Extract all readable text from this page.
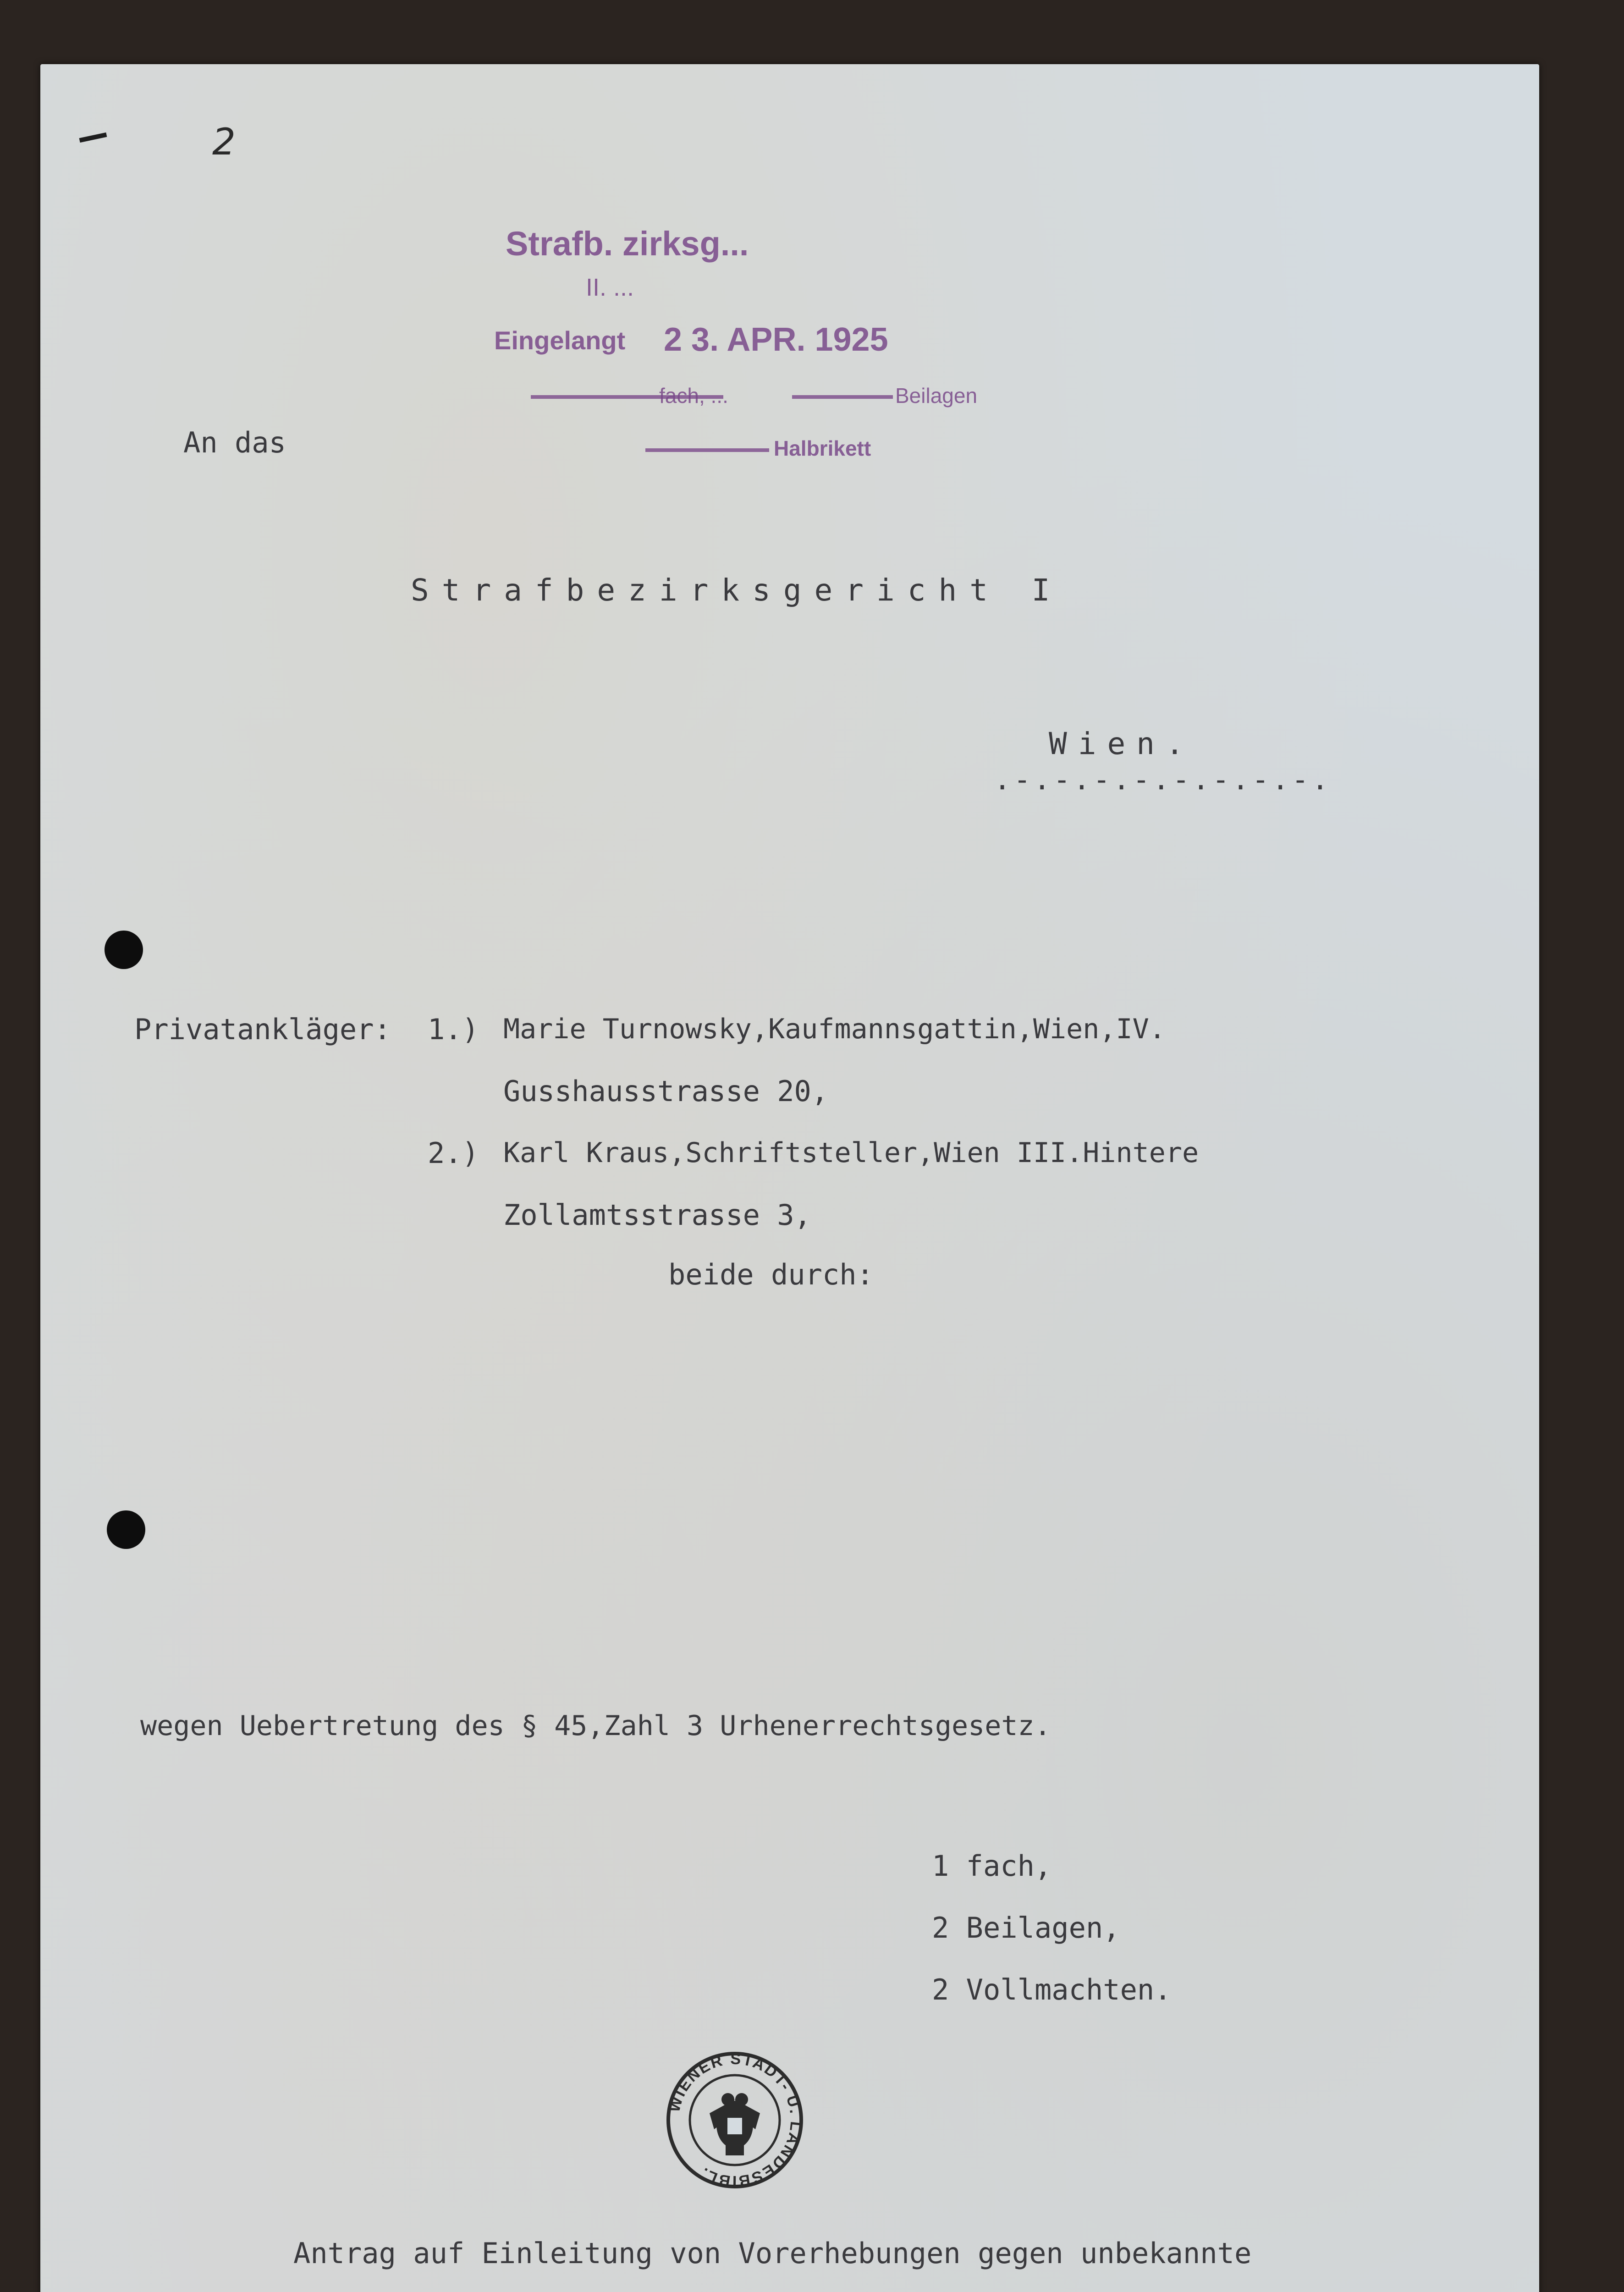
2
Strafb. zirksg...
II. ...
Eingelangt 2 3. APR. 1925
fach, ...	Beilagen
Halbrikett
An das
Strafbezirksgericht I
Wien.
.-.-.-.-.-.-.-.-.
Privatankläger: 1.) Marie Turnowsky,Kaufmannsgattin,Wien,IV.
Gusshausstrasse 20,
2.) Karl Kraus,Schriftsteller,Wien III.Hintere
Zollamtsstrasse 3,
beide durch:
wegen Uebertretung des § 45,Zahl 3 Urhenerrechtsgesetz.
1 fach,
2 Beilagen,
2 Vollmachten.
WIENER STADT- U. LANDESBIBL.
Antrag auf Einleitung von Vorerhebungen gegen unbekannte
